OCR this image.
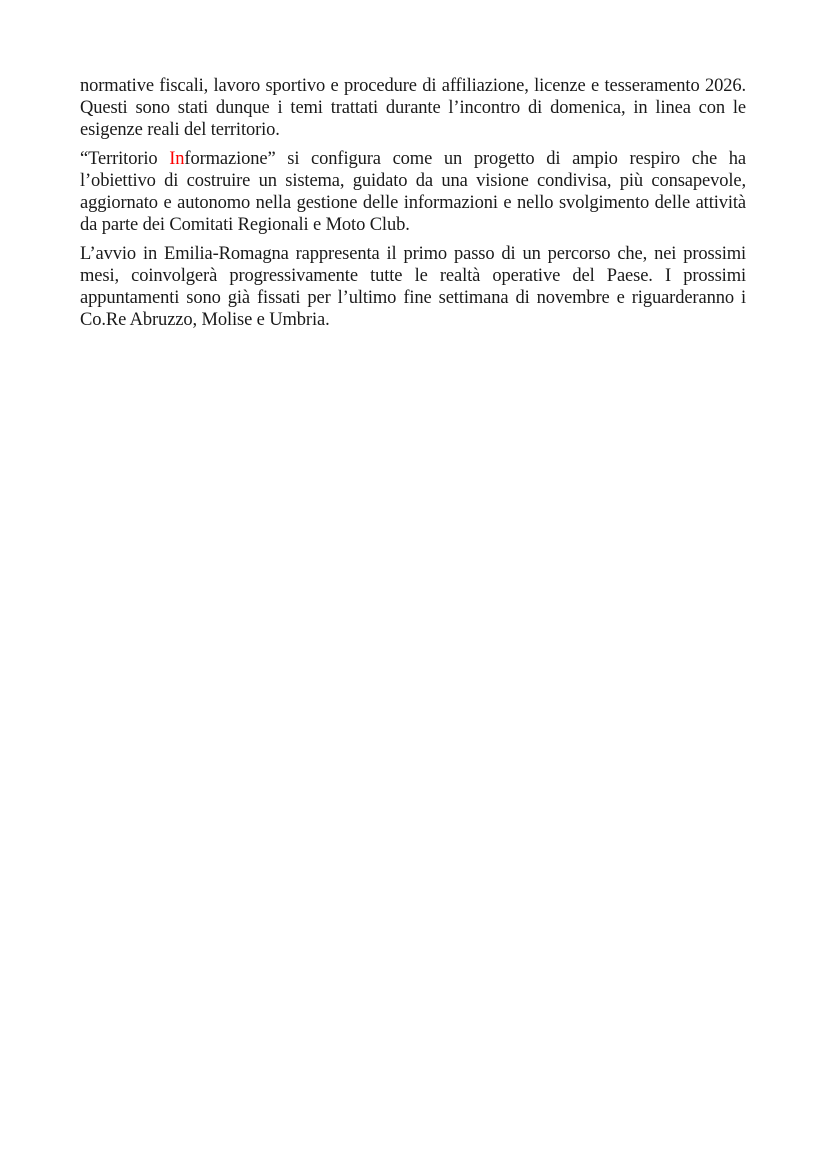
normative fiscali, lavoro sportivo e procedure di affiliazione, licenze e tesseramento 2026. Questi sono stati dunque i temi trattati durante l’incontro di domenica, in linea con le esigenze reali del territorio.

“Territorio Informazione” si configura come un progetto di ampio respiro che ha l’obiettivo di costruire un sistema, guidato da una visione condivisa, più consapevole, aggiornato e autonomo nella gestione delle informazioni e nello svolgimento delle attività da parte dei Comitati Regionali e Moto Club.

L’avvio in Emilia-Romagna rappresenta il primo passo di un percorso che, nei prossimi mesi, coinvolgerà progressivamente tutte le realtà operative del Paese. I prossimi appuntamenti sono già fissati per l’ultimo fine settimana di novembre e riguarderanno i Co.Re Abruzzo, Molise e Umbria.
